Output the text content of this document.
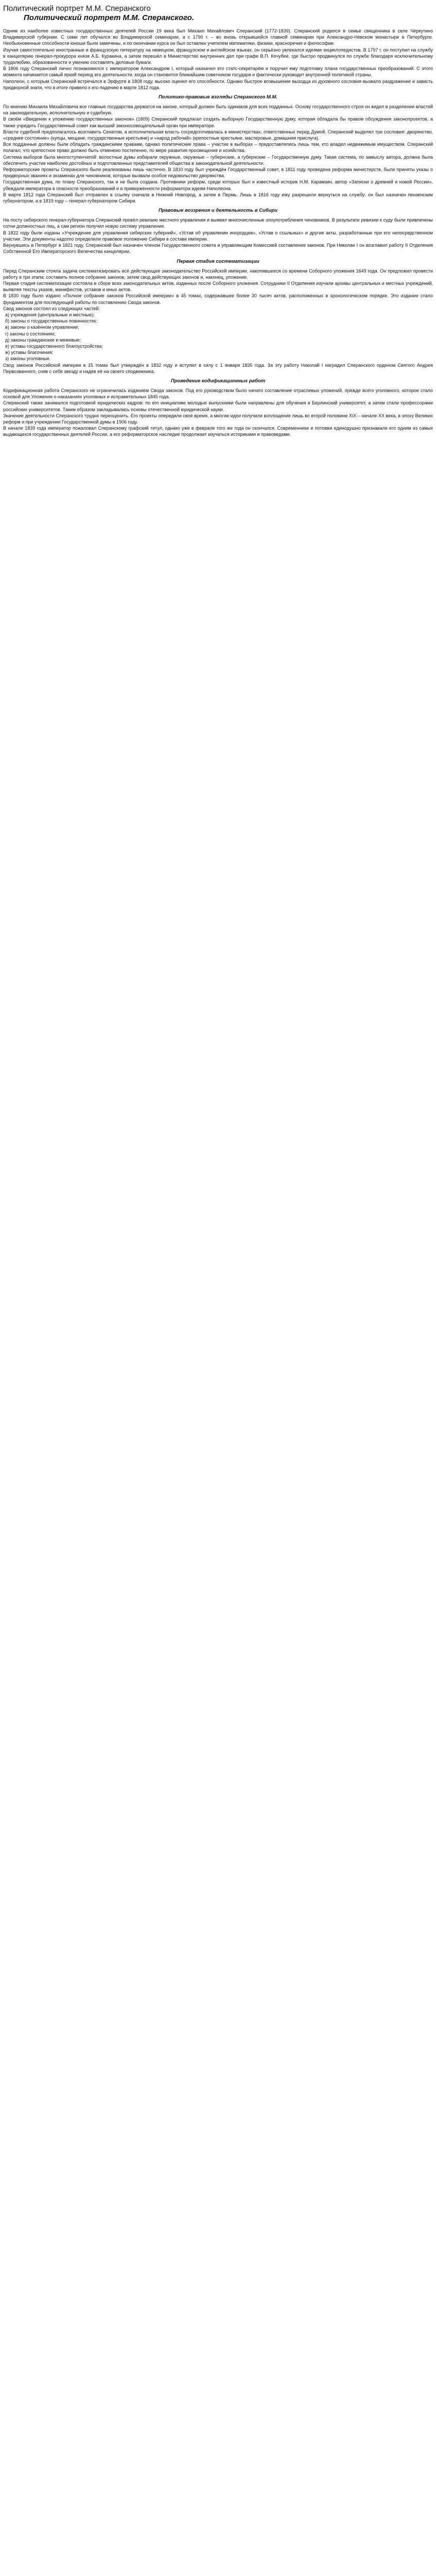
Политический портрет М.М. Сперанского
Политический портрет М.М. Сперанского.

Одним из наиболее известных государственных деятелей России 19 века был Михаил Михайлович Сперанский (1772-1839). Сперанский родился в семье священника в селе Черкутино Владимирской губернии. С семи лет обучался во Владимирской семинарии, а с 1790 г. – во вновь открывшейся главной семинарии при Александро-Невском монастыре в Петербурге. Необыкновенные способности юноши были замечены, и по окончании курса он был оставлен учителем математики, физики, красноречия и философии.

Изучая самостоятельно иностранные и французскую литературу на немецком, французском и английском языках, он серьёзно увлекался идеями энциклопедистов. В 1797 г. он поступил на службу в канцелярию генерал-прокурора князя А.Б. Куракина, а затем перешёл в Министерство внутренних дел при графе В.П. Кочубее, где быстро продвинулся по службе благодаря исключительному трудолюбию, образованности и умению составлять деловые бумаги.

В 1806 году Сперанский лично познакомился с императором Александром I, который назначил его статс-секретарём и поручил ему подготовку плана государственных преобразований. С этого момента начинается самый яркий период его деятельности, когда он становится ближайшим советником государя и фактически руководит внутренней политикой страны.

Наполеон, с которым Сперанский встречался в Эрфурте в 1808 году, высоко оценил его способности. Однако быстрое возвышение выходца из духовного сословия вызвало раздражение и зависть придворной знати, что в итоге привело к его падению в марте 1812 года.

Политико-правовые взгляды Сперанского М.М.

По мнению Михаила Михайловича все главные государства держатся на законе, который должен быть одинаков для всех подданных. Основу государственного строя он видел в разделении властей на законодательную, исполнительную и судебную.

В своём «Введении к уложению государственных законов» (1809) Сперанский предлагал создать выборную Государственную думу, которая обладала бы правом обсуждения законопроектов, а также учредить Государственный совет как высший законосовещательный орган при императоре.

Власти судебной предполагалось возглавить Сенатом, а исполнительная власть сосредоточивалась в министерствах, ответственных перед Думой. Сперанский выделял три сословия: дворянство, «среднее состояние» (купцы, мещане, государственные крестьяне) и «народ рабочий» (крепостные крестьяне, мастеровые, домашняя прислуга).

Все подданные должны были обладать гражданскими правами, однако политические права – участие в выборах – предоставлялись лишь тем, кто владел недвижимым имуществом. Сперанский полагал, что крепостное право должно быть отменено постепенно, по мере развития просвещения и хозяйства.

Система выборов была многоступенчатой: волостные думы избирали окружные, окружные – губернские, а губернские – Государственную думу. Такая система, по замыслу автора, должна была обеспечить участие наиболее достойных и подготовленных представителей общества в законодательной деятельности.

Реформаторские проекты Сперанского были реализованы лишь частично. В 1810 году был учреждён Государственный совет, в 1811 году проведена реформа министерств, были приняты указы о придворных званиях и экзаменах для чиновников, которые вызвали особое недовольство дворянства.

Государственная дума, по плану Сперанского, так и не была создана. Противники реформ, среди которых был и известный историк Н.М. Карамзин, автор «Записки о древней и новой России», убеждали императора в опасности преобразований и в приверженности реформатора идеям Наполеона.

В марте 1812 года Сперанский был отправлен в ссылку сначала в Нижний Новгород, а затем в Пермь. Лишь в 1816 году ему разрешили вернуться на службу: он был назначен пензенским губернатором, а в 1819 году – генерал-губернатором Сибири.

Правовые воззрения и деятельность в Сибири

На посту сибирского генерал-губернатора Сперанский провёл ревизию местного управления и выявил многочисленные злоупотребления чиновников. В результате ревизии к суду были привлечены сотни должностных лиц, а сам регион получил новую систему управления.

В 1822 году были изданы «Учреждение для управления сибирских губерний», «Устав об управлении инородцев», «Устав о ссыльных» и другие акты, разработанные при его непосредственном участии. Эти документы надолго определили правовое положение Сибири в составе империи.

Вернувшись в Петербург в 1821 году, Сперанский был назначен членом Государственного совета и управляющим Комиссией составления законов. При Николае I он возглавил работу II Отделения Собственной Его Императорского Величества канцелярии.

Первая стадия систематизации

Перед Сперанским стояла задача систематизировать всё действующее законодательство Российской империи, накопившееся со времени Соборного уложения 1649 года. Он предложил провести работу в три этапа: составить полное собрание законов, затем свод действующих законов и, наконец, уложение.

Первая стадия систематизации состояла в сборе всех законодательных актов, изданных после Соборного уложения. Сотрудники II Отделения изучали архивы центральных и местных учреждений, выявляя тексты указов, манифестов, уставов и иных актов.

В 1830 году было издано «Полное собрание законов Российской империи» в 45 томах, содержавшее более 30 тысяч актов, расположенных в хронологическом порядке. Это издание стало фундаментом для последующей работы по составлению Свода законов.

Свод законов состоял из следующих частей:

а) учреждения (центральные и местные);

б) законы о государственных повинностях;

в) законы о казённом управлении;

г) законы о состояниях;

д) законы гражданские и межевые;

е) уставы государственного благоустройства;

ж) уставы благочиния;

з) законы уголовные.

Свод законов Российской империи в 15 томах был утверждён в 1832 году и вступил в силу с 1 января 1835 года. За эту работу Николай I наградил Сперанского орденом Святого Андрея Первозванного, сняв с себя звезду и надев её на своего сподвижника.

Проведение кодификационных работ

Кодификационная работа Сперанского не ограничилась изданием Свода законов. Под его руководством было начато составление отраслевых уложений, прежде всего уголовного, которое стало основой для Уложения о наказаниях уголовных и исправительных 1845 года.

Сперанский также занимался подготовкой юридических кадров: по его инициативе молодые выпускники были направлены для обучения в Берлинский университет, а затем стали профессорами российских университетов. Таким образом закладывались основы отечественной юридической науки.

Значение деятельности Сперанского трудно переоценить. Его проекты опередили своё время, а многие идеи получили воплощение лишь во второй половине XIX – начале XX века, в эпоху Великих реформ и при учреждении Государственной думы в 1906 году.

В начале 1839 года император пожаловал Сперанскому графский титул, однако уже в феврале того же года он скончался. Современники и потомки единодушно признавали его одним из самых выдающихся государственных деятелей России, а его реформаторское наследие продолжает изучаться историками и правоведами.
